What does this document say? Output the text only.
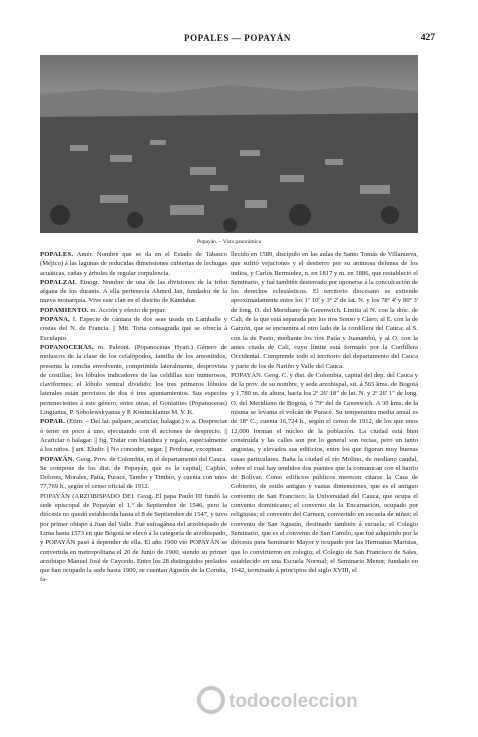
POPALES — POPAYÁN	427
Popayán. – Vista panorámica

POPALES. Amér. Nombre que se da en el Estado de Tabasco (Méjico) á las lagunas de reducidas dimensiones cubiertas de lechugas acuáticas, cañas y árboles de regular corpulencia.

POPALZAI. Etnogr. Nombre de una de las divisiones de la tribu afgana de los duranis. A ella pertenecía Ahmed Jan, fundador de la nueva monarquía. Vive este clan en el distrito de Kandahar.

POPAMIENTO. m. Acción y efecto de popar.

POPANA, f. Especie de cántara de dos asas usada en Lamballe y costas del N. de Francia. || Mit. Torta consagrada que se ofrecía á Esculapio.

POPANOCERAS. m. Paleont. (Popanoceras Hyatt.) Género de moluscos de la clase de los cefalópodos, familia de los amonítidos; presenta la concha envolvente, comprimida lateralmente, desprovista de costillas; los lóbulos indicadores de las celdillas son numerosos, claviformes; el lóbulo ventral dividido; los tres primeros lóbulos laterales están provistos de dos ó tres apuntamientos. Sus especies pertenecientes á este género, entre otras, el Goniatites (Popanoceras) Lingianus, P. Sobolewskyanus y P. Konincklanus M. V. K.

POPAR. (Etim. – Del lat. palpare, acariciar, halagar.) v. a. Despreciar ó tener en poco á uno, ejecutando con él acciones de desprecio. || Acariciar ó halagar. || fig. Tratar con blandura y regalo, especialmente á los niños. || ant. Eludir. || No conceder, negar. || Perdonar, exceptuar.

POPAYÁN. Geog. Prov. de Colombia, en el departamento del Cauca. Se compone de los dist. de Popayán, que es la capital; Cajibío, Dolores, Morales, Patía, Puracé, Tambo y Timbío, y cuenta con unos 77,769 h., según el censo oficial de 1912.

POPAYÁN (ARZOBISPADO DE). Geog. El papa Paulo III fundó la sede episcopal de Popayán el 1.º de Septiembre de 1546, pero la diócesis no quedó establecida hasta el 8 de Septiembre de 1547, y tuvo por primer obispo á Juan del Valle. Fué sufragánea del arzobispado de Lima hasta 1573 en que Bogotá se elevó á la categoría de arzobispado, y POPAYÁN pasó á depender de ella. El año 1900 vió POPAYÁN se convertida en metropolitana el 20 de Junio de 1900, siendo su primer arzobispo Manuel José de Caycedo. Entre los 28 distinguidos prelados que han ocupado la sede hasta 1900, se cuentan Agustín de la Coruña, fa-

llecido en 1589, discípulo en las aulas de Santo Tomás de Villanueva, que sufrió vejaciones y el destierro por su animosa defensa de los indios, y Carlos Bermúdez, n. en 1817 y m. en 1886, que restableció el Seminario, y fué también desterrado por oponerse á la conculcación de los derechos eclesiásticos. El territorio diocesano se extiende aproximadamente entre los 1º 10' y 3º 2' de lat. N. y los 78º 4' y 80º 3' de long. O. del Meridiano de Greenwich. Limita al N. con la dióc. de Cali, de la que está separada por los ríos Sonso y Claro; al E. con la de Garzón, que se encuentra al otro lado de la cordillera del Cauca; al S. con la de Pasto, mediante los ríos Patía y Juanambú, y al O. con la antes citada de Cali, cuyo límite está formado por la Cordillera Occidental. Comprende todo el territorio del departamento del Cauca y parte de los de Nariño y Valle del Cauca.

POPAYÁN. Geog. C. y dist. de Colombia, capital del dep. del Cauca y de la prov. de su nombre, y sede arzobispal, sit. á 565 kms. de Bogotá y 1,780 m. de altura, hacia los 2º 26' 18" de lat. N. y 2º 26' 1" de long. O. del Meridiano de Bogotá, ó 79º del de Greenwich. A 30 kms. de la misma se levanta el volcán de Puracé. Su temperatura media anual es de 18º C.; cuenta 16,724 h., según el censo de 1912, de los que unos 12,000 forman el núcleo de la población. La ciudad está bien construída y las calles son por lo general son rectas, pero un tanto angostas, y elevados sus edificios, entre los que figuran muy buenas casas particulares. Baña la ciudad el río Molino, de mediano caudal, sobre el cual hay tendidos dos puentes que la comunican con el barrio de Bolívar. Como edificios públicos merecen citarse la Casa de Gobierno, de estilo antiguo y vastas dimensiones, que es el antiguo convento de San Francisco; la Universidad del Cauca, que ocupa el convento dominicano; el convento de la Encarnación, ocupado por religiosas; el convento del Carmen, convertido en escuela de niñas; el convento de San Agustín, destinado también á escuela; el Colegio Seminario, que es el convento de San Camilo, que fué adquirido por la diócesis para Seminario Mayor y ocupado por las Hermanas Maristas, que lo convirtieron en colegio; el Colegio de San Francisco de Sales, establecido en una Escuela Normal; el Seminario Menor, fundado en 1642, terminado á principios del siglo XVIII, el

todocoleccion
